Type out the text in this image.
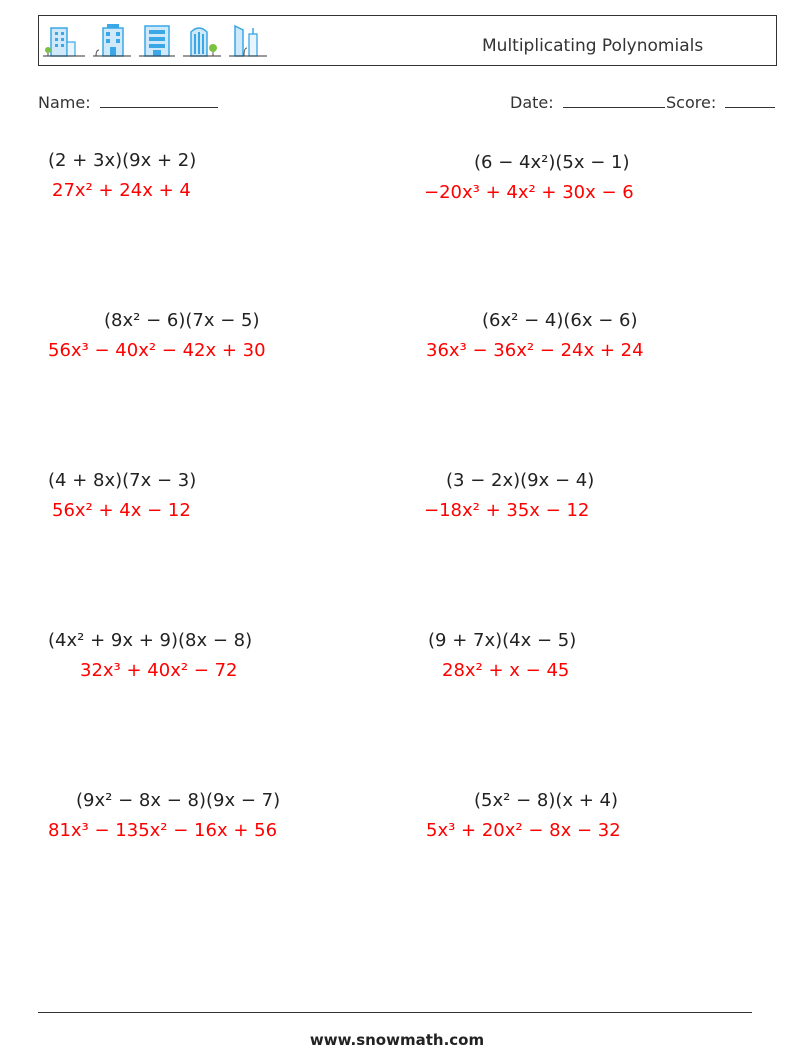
Multiplicating Polynomials
Name:	Date:	Score:
(2 + 3x)(9x + 2)
27x² + 24x + 4
(6 − 4x²)(5x − 1)
−20x³ + 4x² + 30x − 6
(8x² − 6)(7x − 5)
56x³ − 40x² − 42x + 30
(6x² − 4)(6x − 6)
36x³ − 36x² − 24x + 24
(4 + 8x)(7x − 3)
56x² + 4x − 12
(3 − 2x)(9x − 4)
−18x² + 35x − 12
(4x² + 9x + 9)(8x − 8)
32x³ + 40x² − 72
(9 + 7x)(4x − 5)
28x² + x − 45
(9x² − 8x − 8)(9x − 7)
81x³ − 135x² − 16x + 56
(5x² − 8)(x + 4)
5x³ + 20x² − 8x − 32
www.snowmath.com
